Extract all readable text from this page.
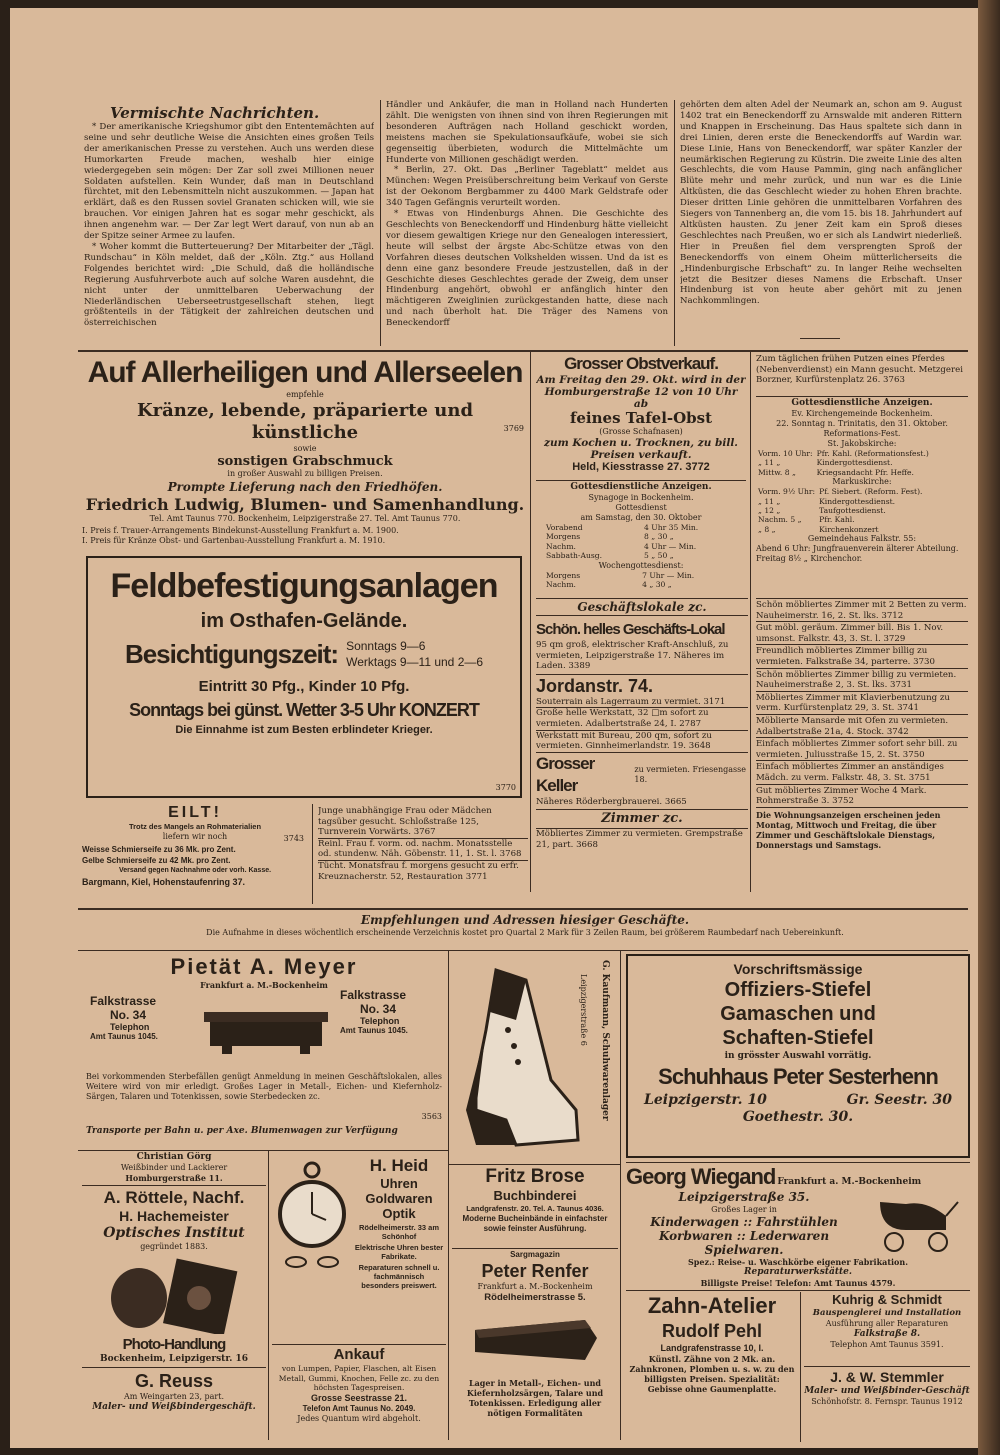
Vermischte Nachrichten.

* Der amerikanische Kriegshumor gibt den Ententemächten auf seine und sehr deutliche Weise die Ansichten eines großen Teils der amerikanischen Presse zu verstehen. Auch uns werden diese Humorkarten Freude machen, weshalb hier einige wiedergegeben sein mögen: Der Zar soll zwei Millionen neuer Soldaten aufstellen. Kein Wunder, daß man in Deutschland fürchtet, mit den Lebensmitteln nicht auszukommen. — Japan hat erklärt, daß es den Russen soviel Granaten schicken will, wie sie brauchen. Vor einigen Jahren hat es sogar mehr geschickt, als ihnen angenehm war. — Der Zar legt Wert darauf, von nun ab an der Spitze seiner Armee zu laufen.

* Woher kommt die Butterteuerung? Der Mitarbeiter der „Tägl. Rundschau“ in Köln meldet, daß der „Köln. Ztg.“ aus Holland Folgendes berichtet wird: „Die Schuld, daß die holländische Regierung Ausfuhrverbote auch auf solche Waren ausdehnt, die nicht unter der unmittelbaren Ueberwachung der Niederländischen Ueberseetrustgesellschaft stehen, liegt größtenteils in der Tätigkeit der zahlreichen deutschen und österreichischen

Händler und Ankäufer, die man in Holland nach Hunderten zählt. Die wenigsten von ihnen sind von ihren Regierungen mit besonderen Aufträgen nach Holland geschickt worden, meistens machen sie Spekulationsaufkäufe, wobei sie sich gegenseitig überbieten, wodurch die Mittelmächte um Hunderte von Millionen geschädigt werden.

* Berlin, 27. Okt. Das „Berliner Tageblatt“ meldet aus München: Wegen Preisüberschreitung beim Verkauf von Gerste ist der Oekonom Bergbammer zu 4400 Mark Geldstrafe oder 340 Tagen Gefängnis verurteilt worden.

* Etwas von Hindenburgs Ahnen. Die Geschichte des Geschlechts von Beneckendorff und Hindenburg hätte vielleicht vor diesem gewaltigen Kriege nur den Genealogen interessiert, heute will selbst der ärgste Abc-Schütze etwas von den Vorfahren dieses deutschen Volkshelden wissen. Und da ist es denn eine ganz besondere Freude jestzustellen, daß in der Geschichte dieses Geschlechtes gerade der Zweig, dem unser Hindenburg angehört, obwohl er anfänglich hinter den mächtigeren Zweiglinien zurückgestanden hatte, diese nach und nach überholt hat. Die Träger des Namens von Beneckendorff

gehörten dem alten Adel der Neumark an, schon am 9. August 1402 trat ein Beneckendorff zu Arnswalde mit anderen Rittern und Knappen in Erscheinung. Das Haus spaltete sich dann in drei Linien, deren erste die Beneckendorffs auf Wardin war. Diese Linie, Hans von Beneckendorff, war später Kanzler der neumärkischen Regierung zu Küstrin. Die zweite Linie des alten Geschlechts, die vom Hause Pammin, ging nach anfänglicher Blüte mehr und mehr zurück, und nun war es die Linie Altküsten, die das Geschlecht wieder zu hohen Ehren brachte. Dieser dritten Linie gehören die unmittelbaren Vorfahren des Siegers von Tannenberg an, die vom 15. bis 18. Jahrhundert auf Altküsten hausten. Zu jener Zeit kam ein Sproß dieses Geschlechtes nach Preußen, wo er sich als Landwirt niederließ. Hier in Preußen fiel dem versprengten Sproß der Beneckendorffs von einem Oheim mütterlicherseits die „Hindenburgische Erbschaft“ zu. In langer Reihe wechselten jetzt die Besitzer dieses Namens die Erbschaft. Unser Hindenburg ist von heute aber gehört mit zu jenen Nachkommlingen.

Auf Allerheiligen und Allerseelen
empfehle
Kränze, lebende, präparierte und künstliche
sowie
3769
sonstigen Grabschmuck
in großer Auswahl zu billigen Preisen.
Prompte Lieferung nach den Friedhöfen.
Friedrich Ludwig, Blumen- und Samenhandlung.
Tel. Amt Taunus 770. Bockenheim, Leipzigerstraße 27. Tel. Amt Taunus 770.
I. Preis f. Trauer-Arrangements Bindekunst-Ausstellung Frankfurt a. M. 1900.
I. Preis für Kränze Obst- und Gartenbau-Ausstellung Frankfurt a. M. 1910.
Grosser Obstverkauf.
Am Freitag den 29. Okt. wird in der Homburgerstraße 12 von 10 Uhr ab
feines Tafel-Obst
(Grosse Schafnasen)
zum Kochen u. Trocknen, zu bill. Preisen verkauft.
Held, Kiesstrasse 27. 3772
Gottesdienstliche Anzeigen.
Synagoge in Bockenheim.
Gottesdienst
am Samstag, den 30. Oktober
Vorabend	4 Uhr 35 Min.
Morgens	8 „ 30 „
Nachm.	4 Uhr — Min.
Sabbath-Ausg.	5 „ 50 „
Wochengottesdienst:
Morgens	7 Uhr — Min.
Nachm.	4 „ 30 „
Zum täglichen frühen Putzen eines Pferdes (Nebenverdienst) ein Mann gesucht. Metzgerei Borzner, Kurfürstenplatz 26. 3763
Gottesdienstliche Anzeigen.
Ev. Kirchengemeinde Bockenheim.
22. Sonntag n. Trinitatis, den 31. Oktober.
Reformations-Fest.
St. Jakobskirche:
Vorm. 10 Uhr:	Pfr. Kahl. (Reformationsfest.)
„ 11 „	Kindergottesdienst.
Mittw. 8 „	Kriegsandacht Pfr. Heffe.
Markuskirche:
Vorm. 9½ Uhr:	Pf. Siebert. (Reform. Fest).
„ 11 „	Kindergottesdienst.
„ 12 „	Taufgottesdienst.
Nachm. 5 „	Pfr. Kahl.
„ 8 „	Kirchenkonzert
Gemeindehaus Falkstr. 55:
Abend 6 Uhr: Jungfrauenverein älterer Abteilung.
Freitag 8½ „ Kirchenchor.
Feldbefestigungsanlagen
im Osthafen-Gelände.
Besichtigungszeit: Sonntags 9—6
Werktags 9—11 und 2—6
Eintritt 30 Pfg., Kinder 10 Pfg.
Sonntags bei günst. Wetter 3-5 Uhr KONZERT
Die Einnahme ist zum Besten erblindeter Krieger.
3770
Geschäftslokale zc.
Schön. helles Geschäfts-Lokal
95 qm groß, elektrischer Kraft-Anschluß, zu vermieten, Leipzigerstraße 17. Näheres im Laden. 3389
Jordanstr. 74.
Souterrain als Lagerraum zu vermiet. 3171
Große helle Werkstatt, 32 □m sofort zu vermieten. Adalbertstraße 24, I. 2787
Werkstatt mit Bureau, 200 qm, sofort zu vermieten. Ginnheimerlandstr. 19. 3648
Grosser Keller
zu vermieten. Friesengasse 18.
Näheres Röderbergbrauerei. 3665
Zimmer zc.
Möbliertes Zimmer zu vermieten. Grempstraße 21, part. 3668
Schön möbliertes Zimmer mit 2 Betten zu verm. Nauheimerstr. 16, 2. St. lks. 3712
Gut möbl. geräum. Zimmer bill. Bis 1. Nov. umsonst. Falkstr. 43, 3. St. l. 3729
Freundlich möbliertes Zimmer billig zu vermieten. Falkstraße 34, parterre. 3730
Schön möbliertes Zimmer billig zu vermieten. Nauheimerstraße 2, 3. St. lks. 3731
Möbliertes Zimmer mit Klavierbenutzung zu verm. Kurfürstenplatz 29, 3. St. 3741
Möblierte Mansarde mit Ofen zu vermieten. Adalbertstraße 21a, 4. Stock. 3742
Einfach möbliertes Zimmer sofort sehr bill. zu vermieten. Juliusstraße 15, 2. St. 3750
Einfach möbliertes Zimmer an anständiges Mädch. zu verm. Falkstr. 48, 3. St. 3751
Gut möbliertes Zimmer Woche 4 Mark. Rohmerstraße 3. 3752
Die Wohnungsanzeigen erscheinen jeden Montag, Mittwoch und Freitag, die über Zimmer und Geschäftslokale Dienstags, Donnerstags und Samstags.
EILT!
Trotz des Mangels an Rohmaterialien
liefern wir noch	3743
Weisse Schmierseife zu 36 Mk. pro Zent.
Gelbe Schmierseife zu 42 Mk. pro Zent.
Versand gegen Nachnahme oder vorh. Kasse.
Bargmann, Kiel, Hohenstaufenring 37.
Junge unabhängige Frau oder Mädchen tagsüber gesucht. Schloßstraße 125, Turnverein Vorwärts. 3767
Reinl. Frau f. vorm. od. nachm. Monatsstelle od. stundenw. Näh. Göbenstr. 11, 1. St. l. 3768
Tücht. Monatsfrau f. morgens gesucht zu erfr. Kreuznacherstr. 52, Restauration 3771
Empfehlungen und Adressen hiesiger Geschäfte.
Die Aufnahme in dieses wöchentlich erscheinende Verzeichnis kostet pro Quartal 2 Mark für 3 Zeilen Raum, bei größerem Raumbedarf nach Uebereinkunft.
Pietät A. Meyer
Frankfurt a. M.-Bockenheim
Falkstrasse
No. 34
Telephon
Amt Taunus 1045.
Falkstrasse
No. 34
Telephon
Amt Taunus 1045.
Bei vorkommenden Sterbefällen genügt Anmeldung in meinen Geschäftslokalen, alles Weitere wird von mir erledigt. Großes Lager in Metall-, Eichen- und Kiefernholz-Särgen, Talaren und Totenkissen, sowie Sterbedecken zc.
3563
Transporte per Bahn u. per Axe. Blumenwagen zur Verfügung
G. Kaufmann, Schuhwarenlager
Leipzigerstraße 6
Vorschriftsmässige
Offiziers-Stiefel
Gamaschen und
Schaften-Stiefel
in grösster Auswahl vorrätig.
Schuhhaus Peter Sesterhenn
Leipzigerstr. 10	Gr. Seestr. 30
Goethestr. 30.
Christian Görg
Weißbinder und Lackierer
Homburgerstraße 11.
A. Röttele, Nachf.
H. Hachemeister
Optisches Institut
gegründet 1883.
Photo-Handlung
Bockenheim, Leipzigerstr. 16
G. Reuss
Am Weingarten 23, part.
Maler- und Weißbindergeschäft.
H. Heid
Uhren
Goldwaren
Optik
Rödelheimerstr. 33 am Schönhof
Elektrische Uhren bester Fabrikate.
Reparaturen schnell u. fachmännisch besonders preiswert.
Ankauf
von Lumpen, Papier, Flaschen, alt Eisen Metall, Gummi, Knochen, Felle zc. zu den höchsten Tagespreisen.
Grosse Seestrasse 21.
Telefon Amt Taunus No. 2049.
Jedes Quantum wird abgeholt.
Fritz Brose
Buchbinderei
Landgrafenstr. 20. Tel. A. Taunus 4036.
Moderne Bucheinbände in einfachster sowie feinster Ausführung.
Sargmagazin
Peter Renfer
Frankfurt a. M.-Bockenheim
Rödelheimerstrasse 5.
Lager in Metall-, Eichen- und Kiefernholzsärgen, Talare und Totenkissen. Erledigung aller nötigen Formalitäten
Georg Wiegand Frankfurt a. M.-Bockenheim
Leipzigerstraße 35.
Großes Lager in
Kinderwagen :: Fahrstühlen
Korbwaren :: Lederwaren
Spielwaren.
Spez.: Reise- u. Waschkörbe eigener Fabrikation.
Reparaturwerkstätte.
Billigste Preise! Telefon: Amt Taunus 4579.
Zahn-Atelier
Rudolf Pehl
Landgrafenstrasse 10, I.
Künstl. Zähne von 2 Mk. an. Zahnkronen, Plomben u. s. w. zu den billigsten Preisen. Spezialität: Gebisse ohne Gaumenplatte.
Kuhrig & Schmidt
Bauspenglerei und Installation
Ausführung aller Reparaturen
Falkstraße 8.
Telephon Amt Taunus 3591.
J. & W. Stemmler
Maler- und Weißbinder-Geschäft
Schönhofstr. 8. Fernspr. Taunus 1912
